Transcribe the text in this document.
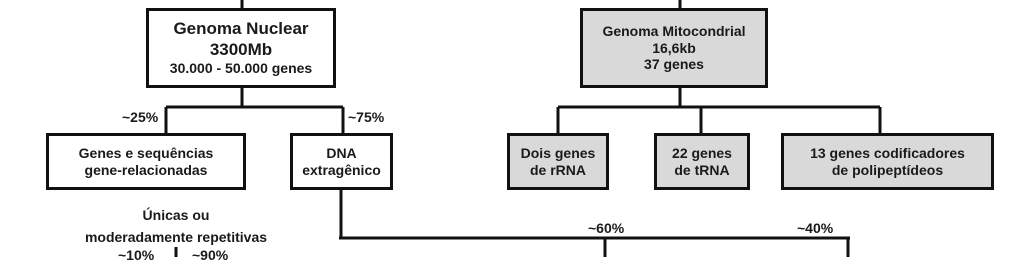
Genoma Nuclear
3300Mb
30.000 - 50.000 genes
Genoma Mitocondrial
16,6kb
37 genes
~25%	~75%
Genes e sequências
gene-relacionadas
DNA
extragênico
Dois genes
de rRNA
22 genes
de tRNA
13 genes codificadores
de polipeptídeos
Únicas ou
moderadamente repetitivas
~10%	~90%
~60%	~40%
